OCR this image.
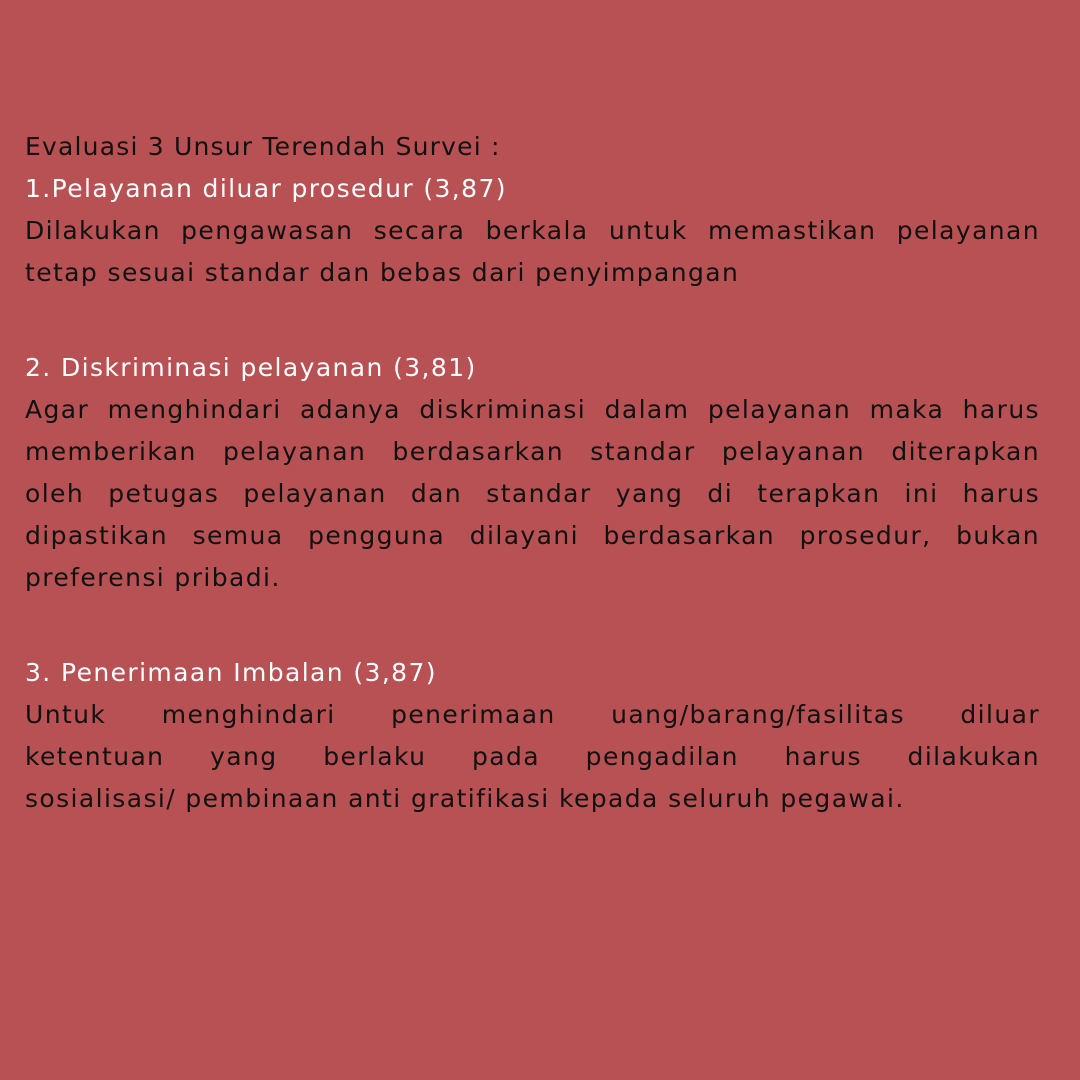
Evaluasi 3 Unsur Terendah Survei :
1.Pelayanan diluar prosedur (3,87)
Dilakukan pengawasan secara berkala untuk memastikan pelayanan
tetap sesuai standar dan bebas dari penyimpangan
2. Diskriminasi pelayanan (3,81)
Agar menghindari adanya diskriminasi dalam pelayanan maka harus
memberikan pelayanan berdasarkan standar pelayanan diterapkan
oleh petugas pelayanan dan standar yang di terapkan ini harus
dipastikan semua pengguna dilayani berdasarkan prosedur, bukan
preferensi pribadi.
3. Penerimaan Imbalan (3,87)
Untuk menghindari penerimaan uang/barang/fasilitas diluar
ketentuan yang berlaku pada pengadilan harus dilakukan
sosialisasi/ pembinaan anti gratifikasi kepada seluruh pegawai.
